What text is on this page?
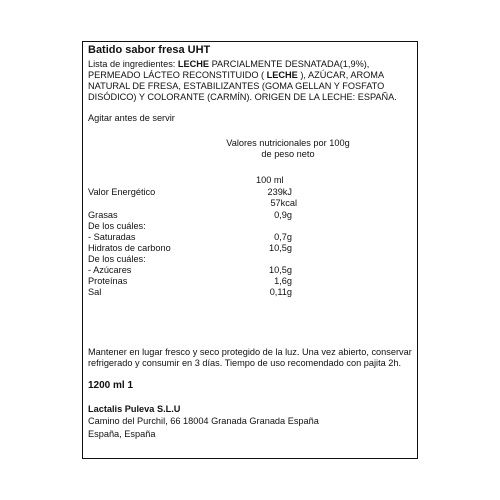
Batido sabor fresa UHT
Lista de ingredientes: LECHE PARCIALMENTE DESNATADA(1,9%), PERMEADO LÁCTEO RECONSTITUIDO ( LECHE ), AZÚCAR, AROMA NATURAL DE FRESA, ESTABILIZANTES (GOMA GELLAN Y FOSFATO DISÓDICO) Y COLORANTE (CARMÍN). ORIGEN DE LA LECHE: ESPAÑA.
Agitar antes de servir
Valores nutricionales por 100g de peso neto
100 ml
Valor Energético	239kJ
57kcal
Grasas	0,9g
De los cuáles:
- Saturadas	0,7g
Hidratos de carbono	10,5g
De los cuáles:
- Azúcares	10,5g
Proteínas	1,6g
Sal	0,11g
Mantener en lugar fresco y seco protegido de la luz. Una vez abierto, conservar refrigerado y consumir en 3 días. Tiempo de uso recomendado con pajita 2h.
1200 ml 1
Lactalis Puleva S.L.U
Camino del Purchil, 66 18004 Granada Granada España
España, España
